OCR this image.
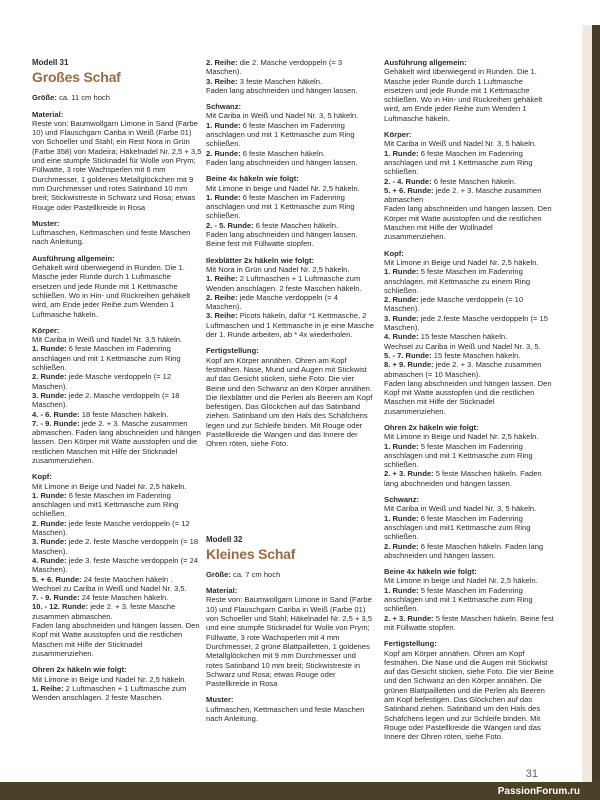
Modell 31

Großes Schaf

Größe: ca. 11 cm hoch

Material:

Reste von: Baumwollgarn Limone in Sand (Farbe 10) und Flauschgarn Cariba in Weiß (Farbe 01) von Schoeller und Stahl; ein Rest Nora in Grün (Farbe 358) von Madeira; Häkelnadel Nr. 2,5 + 3,5 und eine stumpfe Sticknadel für Wolle von Prym; Füllwatte, 3 rote Wachsperlen mit 6 mm Durchmesser, 1 goldenes Metallglöckchen mit 9 mm Durchmesser und rotes Satinband 10 mm breit; Stickwistreste in Schwarz und Rosa; etwas Rouge oder Pastellkreide in Rosa

Muster:

Luftmaschen, Kettmaschen und feste Maschen nach Anleitung.

Ausführung allgemein:

Gehäkelt wird überwiegend in Runden. Die 1. Masche jeder Runde durch 1 Luftmasche ersetzen und jede Runde mit 1 Kettmasche schließen. Wo in Hin- und Rückreihen gehäkelt wird, am Ende jeder Reihe zum Wenden 1 Luftmasche häkeln.

Körper:

Mit Cariba in Weiß und Nadel Nr. 3,5 häkeln.

1. Runde: 6 feste Maschen im Fadenring anschlagen und mit 1 Kettmasche zum Ring schließen.

2. Runde: jede Masche verdoppeln (= 12 Maschen).

3. Runde: jede 2. Masche verdoppeln (= 18 Maschen).

4. - 6. Runde: 18 feste Maschen häkeln.

7. - 9. Runde: jede 2. + 3. Masche zusammen abmaschen. Faden lang abschneiden und hängen lassen. Den Körper mit Watte ausstopfen und die restlichen Maschen mit Hilfe der Sticknadel zusammenziehen.

Kopf:

Mit Limone in Beige und Nadel Nr. 2,5 häkeln.

1. Runde: 6 feste Maschen im Fadenring anschlagen und mit1 Kettmasche zum Ring schließen.

2. Runde: jede feste Masche verdoppeln (= 12 Maschen).

3. Runde: jede 2. feste Masche verdoppeln (= 18 Maschen).

4. Runde: jede 3. feste Masche verdoppeln (= 24 Maschen).

5. + 6. Runde: 24 feste Maschen häkeln . Wechsel zu Cariba in Weiß und Nadel Nr. 3,5.

7. - 9. Runde: 24 feste Maschen häkeln.

10. - 12. Runde: jede 2. + 3. feste Masche zusammen abmaschen.

Faden lang abschneiden und hängen lassen. Den Kopf mit Watte ausstopfen und die restlichen Maschen mit Hilfe der Sticknadel zusammenziehen.

Ohren 2x häkeln wie folgt:

Mit Limone in Beige und Nadel Nr. 2,5 häkeln.

1. Reihe: 2 Luftmaschen + 1 Luftmasche zum Wenden anschlagen. 2 feste Maschen.

2. Reihe: die 2. Masche verdoppeln (= 3 Maschen).

3. Reihe: 3 feste Maschen häkeln.

Faden lang abschneiden und hängen lassen.

Schwanz:

Mit Cariba in Weiß und Nadel Nr. 3, 5 häkeln.

1. Runde: 6 feste Maschen im Fadenring anschlagen und mit 1 Kettmasche zum Ring schließen.

2. Runde: 6 feste Maschen häkeln.

Faden lang abschneiden und hängen lassen.

Beine 4x häkeln wie folgt:

Mit Limone in beige und Nadel Nr. 2,5 häkeln.

1. Runde: 6 feste Maschen im Fadenring anschlagen und mit 1 Kettmasche zum Ring schließen.

2. - 5. Runde: 6 feste Maschen häkeln.

Faden lang abschneiden und hängen lassen. Beine fest mit Füllwatte stopfen.

Ilexblätter 2x häkeln wie folgt:

Mit Nora in Grün und Nadel Nr. 2,5 häkeln.

1. Reihe: 2 Luftmaschen + 1 Luftmasche zum Wenden anschlagen. 2 feste Maschen häkeln.

2. Reihe: jede Masche verdoppeln (= 4 Maschen).

3. Reihe: Picots häkeln, dafür *1 Kettmasche, 2 Luftmaschen und 1 Kettmasche in je eine Masche der 1. Runde arbeiten, ab * 4x wiederholen.

Fertigstellung:

Kopf am Körper annähen. Ohren am Kopf festnähen. Nase, Mund und Augen mit Stickwist auf das Gesicht sticken, siehe Foto. Die vier Beine und den Schwanz an den Körper annähen. Die Ilexblätter und die Perlen als Beeren am Kopf befestigen. Das Glöckchen auf das Satinband ziehen. Satinband um den Hals des Schäfchens legen und zur Schleife binden. Mit Rouge oder Pastellkreide die Wangen und das Innere der Ohren röten, siehe Foto.

Modell 32

Kleines Schaf

Größe: ca. 7 cm hoch

Material:

Reste von: Baumwollgarn Limone in Sand (Farbe 10) und Flauschgarn Cariba in Weiß (Farbe 01) von Schoeller und Stahl; Häkelnadel Nr. 2,5 + 3,5 und eine stumpfe Sticknadel für Wolle von Prym; Füllwatte, 3 rote Wachsperlen mit 4 mm Durchmesser, 2 grüne Blattpailletten, 1 goldenes Metallglöckchen mit 9 mm Durchmesser und rotes Satinband 10 mm breit; Stickwistreste in Schwarz und Rosa; etwas Rouge oder Pastellkreide in Rosa

Muster:

Luftmaschen, Kettmaschen und feste Maschen nach Anleitung.

Ausführung allgemein:

Gehäkelt wird überwiegend in Runden. Die 1. Masche jeder Runde durch 1 Luftmasche ersetzen und jede Runde mit 1 Kettmasche schließen. Wo in Hin- und Rückreihen gehäkelt wird, am Ende jeder Reihe zum Wenden 1 Luftmasche häkeln.

Körper:

Mit Cariba in Weiß und Nadel Nr. 3, 5 häkeln.

1. Runde: 6 feste Maschen im Fadenring anschlagen und mit 1 Kettmasche zum Ring schließen.

2. - 4. Runde: 6 feste Maschen häkeln.

5. + 6. Runde: jede 2. + 3. Masche zusammen abmaschen

Faden lang abschneiden und hängen lassen. Den Körper mit Watte ausstopfen und die restlichen Maschen mit Hilfe der Wollnadel zusammenziehen.

Kopf:

Mit Limone in Beige und Nadel Nr. 2,5 häkeln.

1. Runde: 5 feste Maschen im Fadenring anschlagen, mit Kettmasche zu einem Ring schließen.

2. Runde: jede Masche verdoppeln (= 10 Maschen).

3. Runde: jede 2.feste Masche verdoppeln (= 15 Maschen).

4. Runde: 15 feste Maschen häkeln.

Wechsel zu Cariba in Weiß und Nadel Nr. 3, 5.

5. - 7. Runde: 15 feste Maschen häkeln.

8. + 9. Runde: jede 2. + 3. Masche zusammen abmaschen (= 10 Maschen).

Faden lang abschneiden und hängen lassen. Den Kopf mit Watte ausstopfen und die restlichen Maschen mit Hilfe der Sticknadel zusammenziehen.

Ohren 2x häkeln wie folgt:

Mit Limone in Beige und Nadel Nr. 2,5 häkeln.

1. Runde: 5 feste Maschen im Fadenring anschlagen und mit 1 Kettmasche zum Ring schließen.

2. + 3. Runde: 5 feste Maschen häkeln. Faden lang abschneiden und hängen lassen.

Schwanz:

Mit Cariba in Weiß und Nadel Nr. 3, 5 häkeln.

1. Runde: 6 feste Maschen im Fadenring anschlagen und mit1 Kettmasche zum Ring schließen.

2. Runde: 6 feste Maschen häkeln. Faden lang abschneiden und hängen lassen.

Beine 4x häkeln wie folgt:

Mit Limone in beige und Nadel Nr. 2,5 häkeln.

1. Runde: 5 feste Maschen im Fadenring anschlagen und mit 1 Kettmasche zum Ring schließen.

2. + 3. Runde: 5 feste Maschen häkeln. Beine fest mit Füllwatte stopfen.

Fertigstellung:

Kopf am Körper annähen. Ohren am Kopf festnähen. Die Nase und die Augen mit Stickwist auf das Gesicht sticken, siehe Foto. Die vier Beine und den Schwanz an den Körper annähen. Die grünen Blattpailletten und die Perlen als Beeren am Kopf befestigen. Das Glöckchen auf das Satinband ziehen. Satinband um den Hals des Schäfchens legen und zur Schleife binden. Mit Rouge oder Pastellkreide die Wangen und das Innere der Ohren röten, siehe Foto.

31
PassionForum.ru
